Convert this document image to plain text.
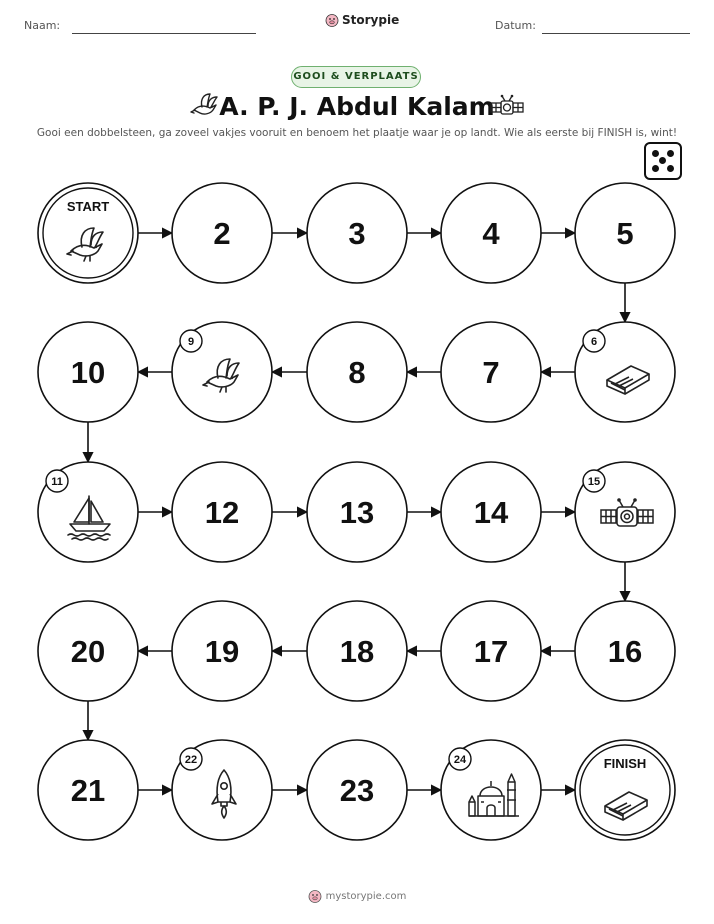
Naam:	Storypie	Datum:
GOOI & VERPLAATS
A. P. J. Abdul Kalam
Gooi een dobbelsteen, ga zoveel vakjes vooruit en benoem het plaatje waar je op landt. Wie als eerste bij FINISH is, wint!
START
2	3	4	5
6
7
8
9
10
11
12	13	14
15
16
17
18
19
20
21
22
23
24	FINISH
mystorypie.com
